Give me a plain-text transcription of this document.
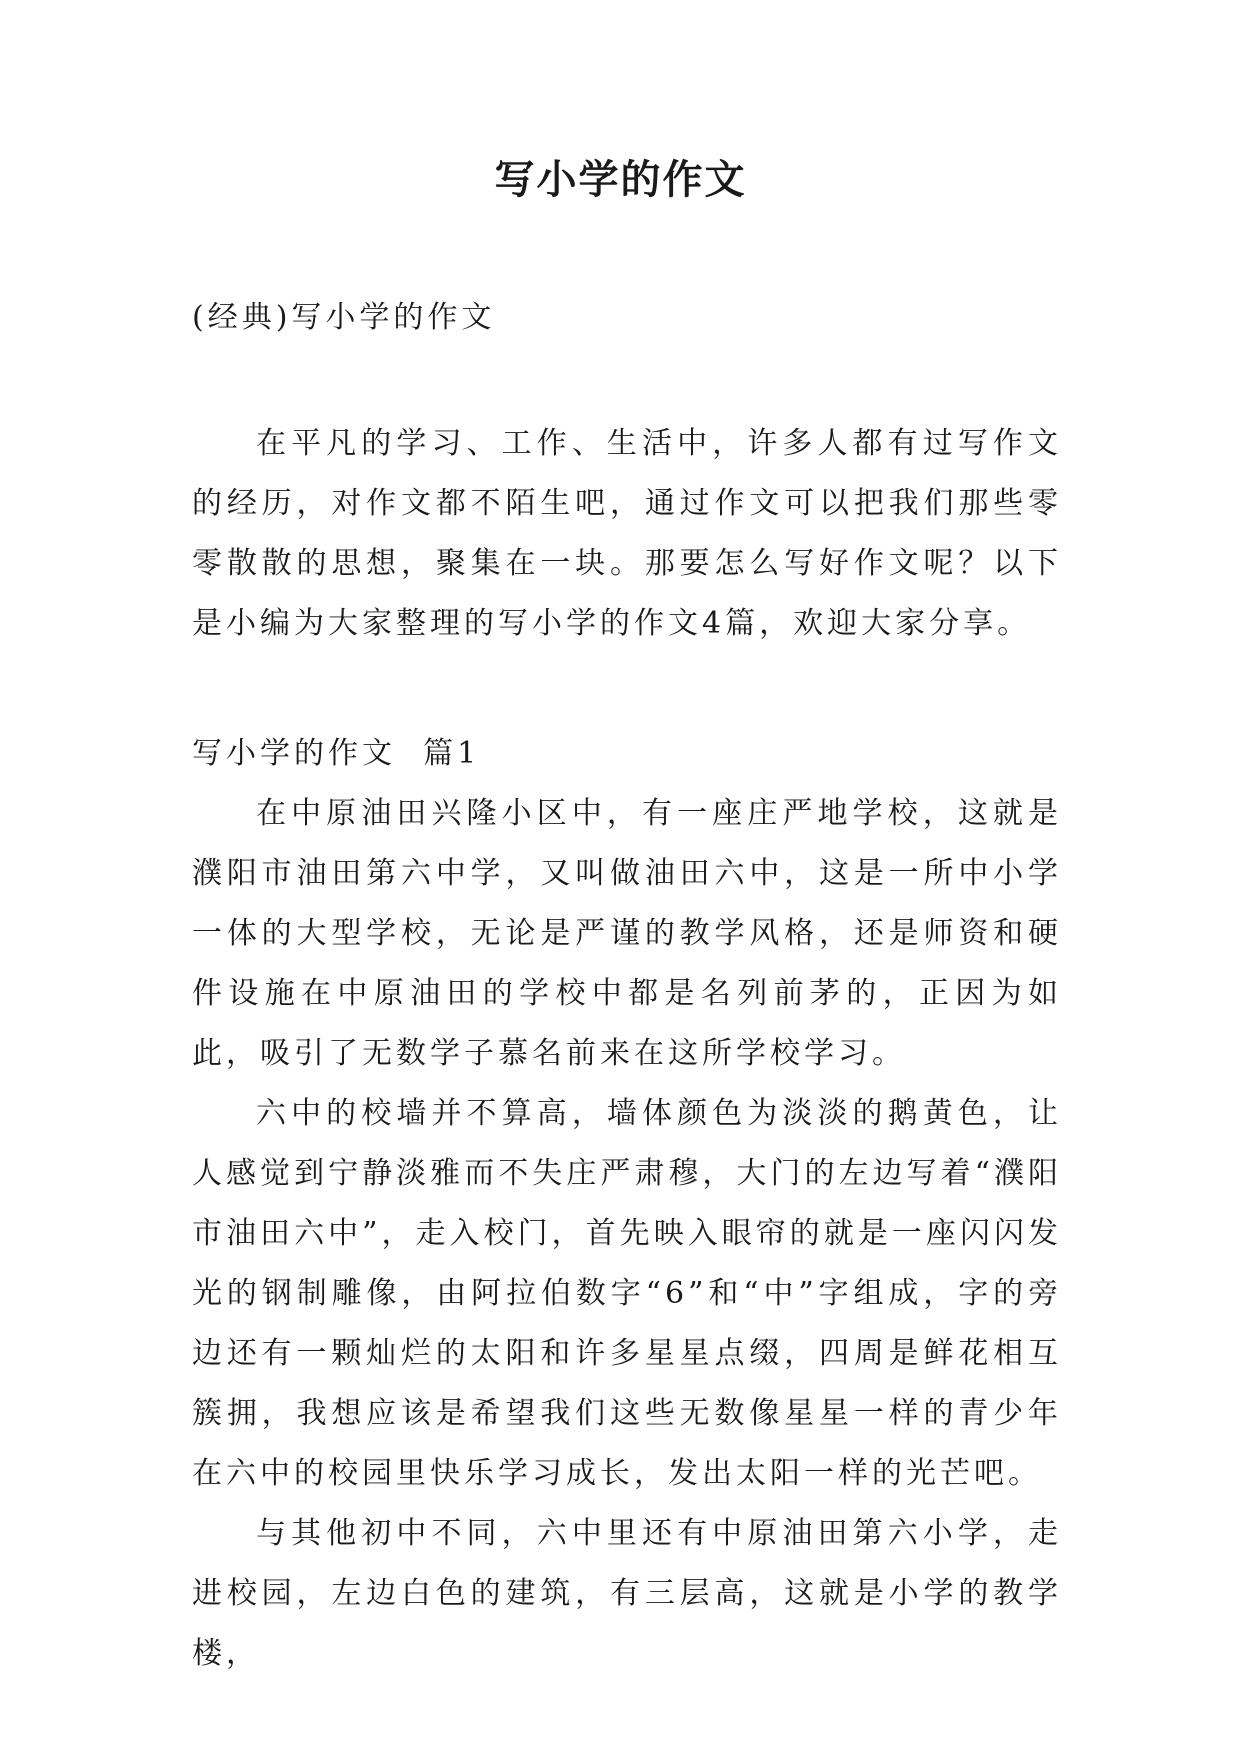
写小学的作文

(经典)写小学的作文

在平凡的学习、工作、生活中，许多人都有过写作文的经历，对作文都不陌生吧，通过作文可以把我们那些零零散散的思想，聚集在一块。那要怎么写好作文呢？以下是小编为大家整理的写小学的作文4篇，欢迎大家分享。

写小学的作文  篇1

在中原油田兴隆小区中，有一座庄严地学校，这就是濮阳市油田第六中学，又叫做油田六中，这是一所中小学一体的大型学校，无论是严谨的教学风格，还是师资和硬件设施在中原油田的学校中都是名列前茅的，正因为如此，吸引了无数学子慕名前来在这所学校学习。

六中的校墙并不算高，墙体颜色为淡淡的鹅黄色，让人感觉到宁静淡雅而不失庄严肃穆，大门的左边写着“濮阳市油田六中”，走入校门，首先映入眼帘的就是一座闪闪发光的钢制雕像，由阿拉伯数字“6”和“中”字组成，字的旁边还有一颗灿烂的太阳和许多星星点缀，四周是鲜花相互簇拥，我想应该是希望我们这些无数像星星一样的青少年在六中的校园里快乐学习成长，发出太阳一样的光芒吧。

与其他初中不同，六中里还有中原油田第六小学，走进校园，左边白色的建筑，有三层高，这就是小学的教学楼，
